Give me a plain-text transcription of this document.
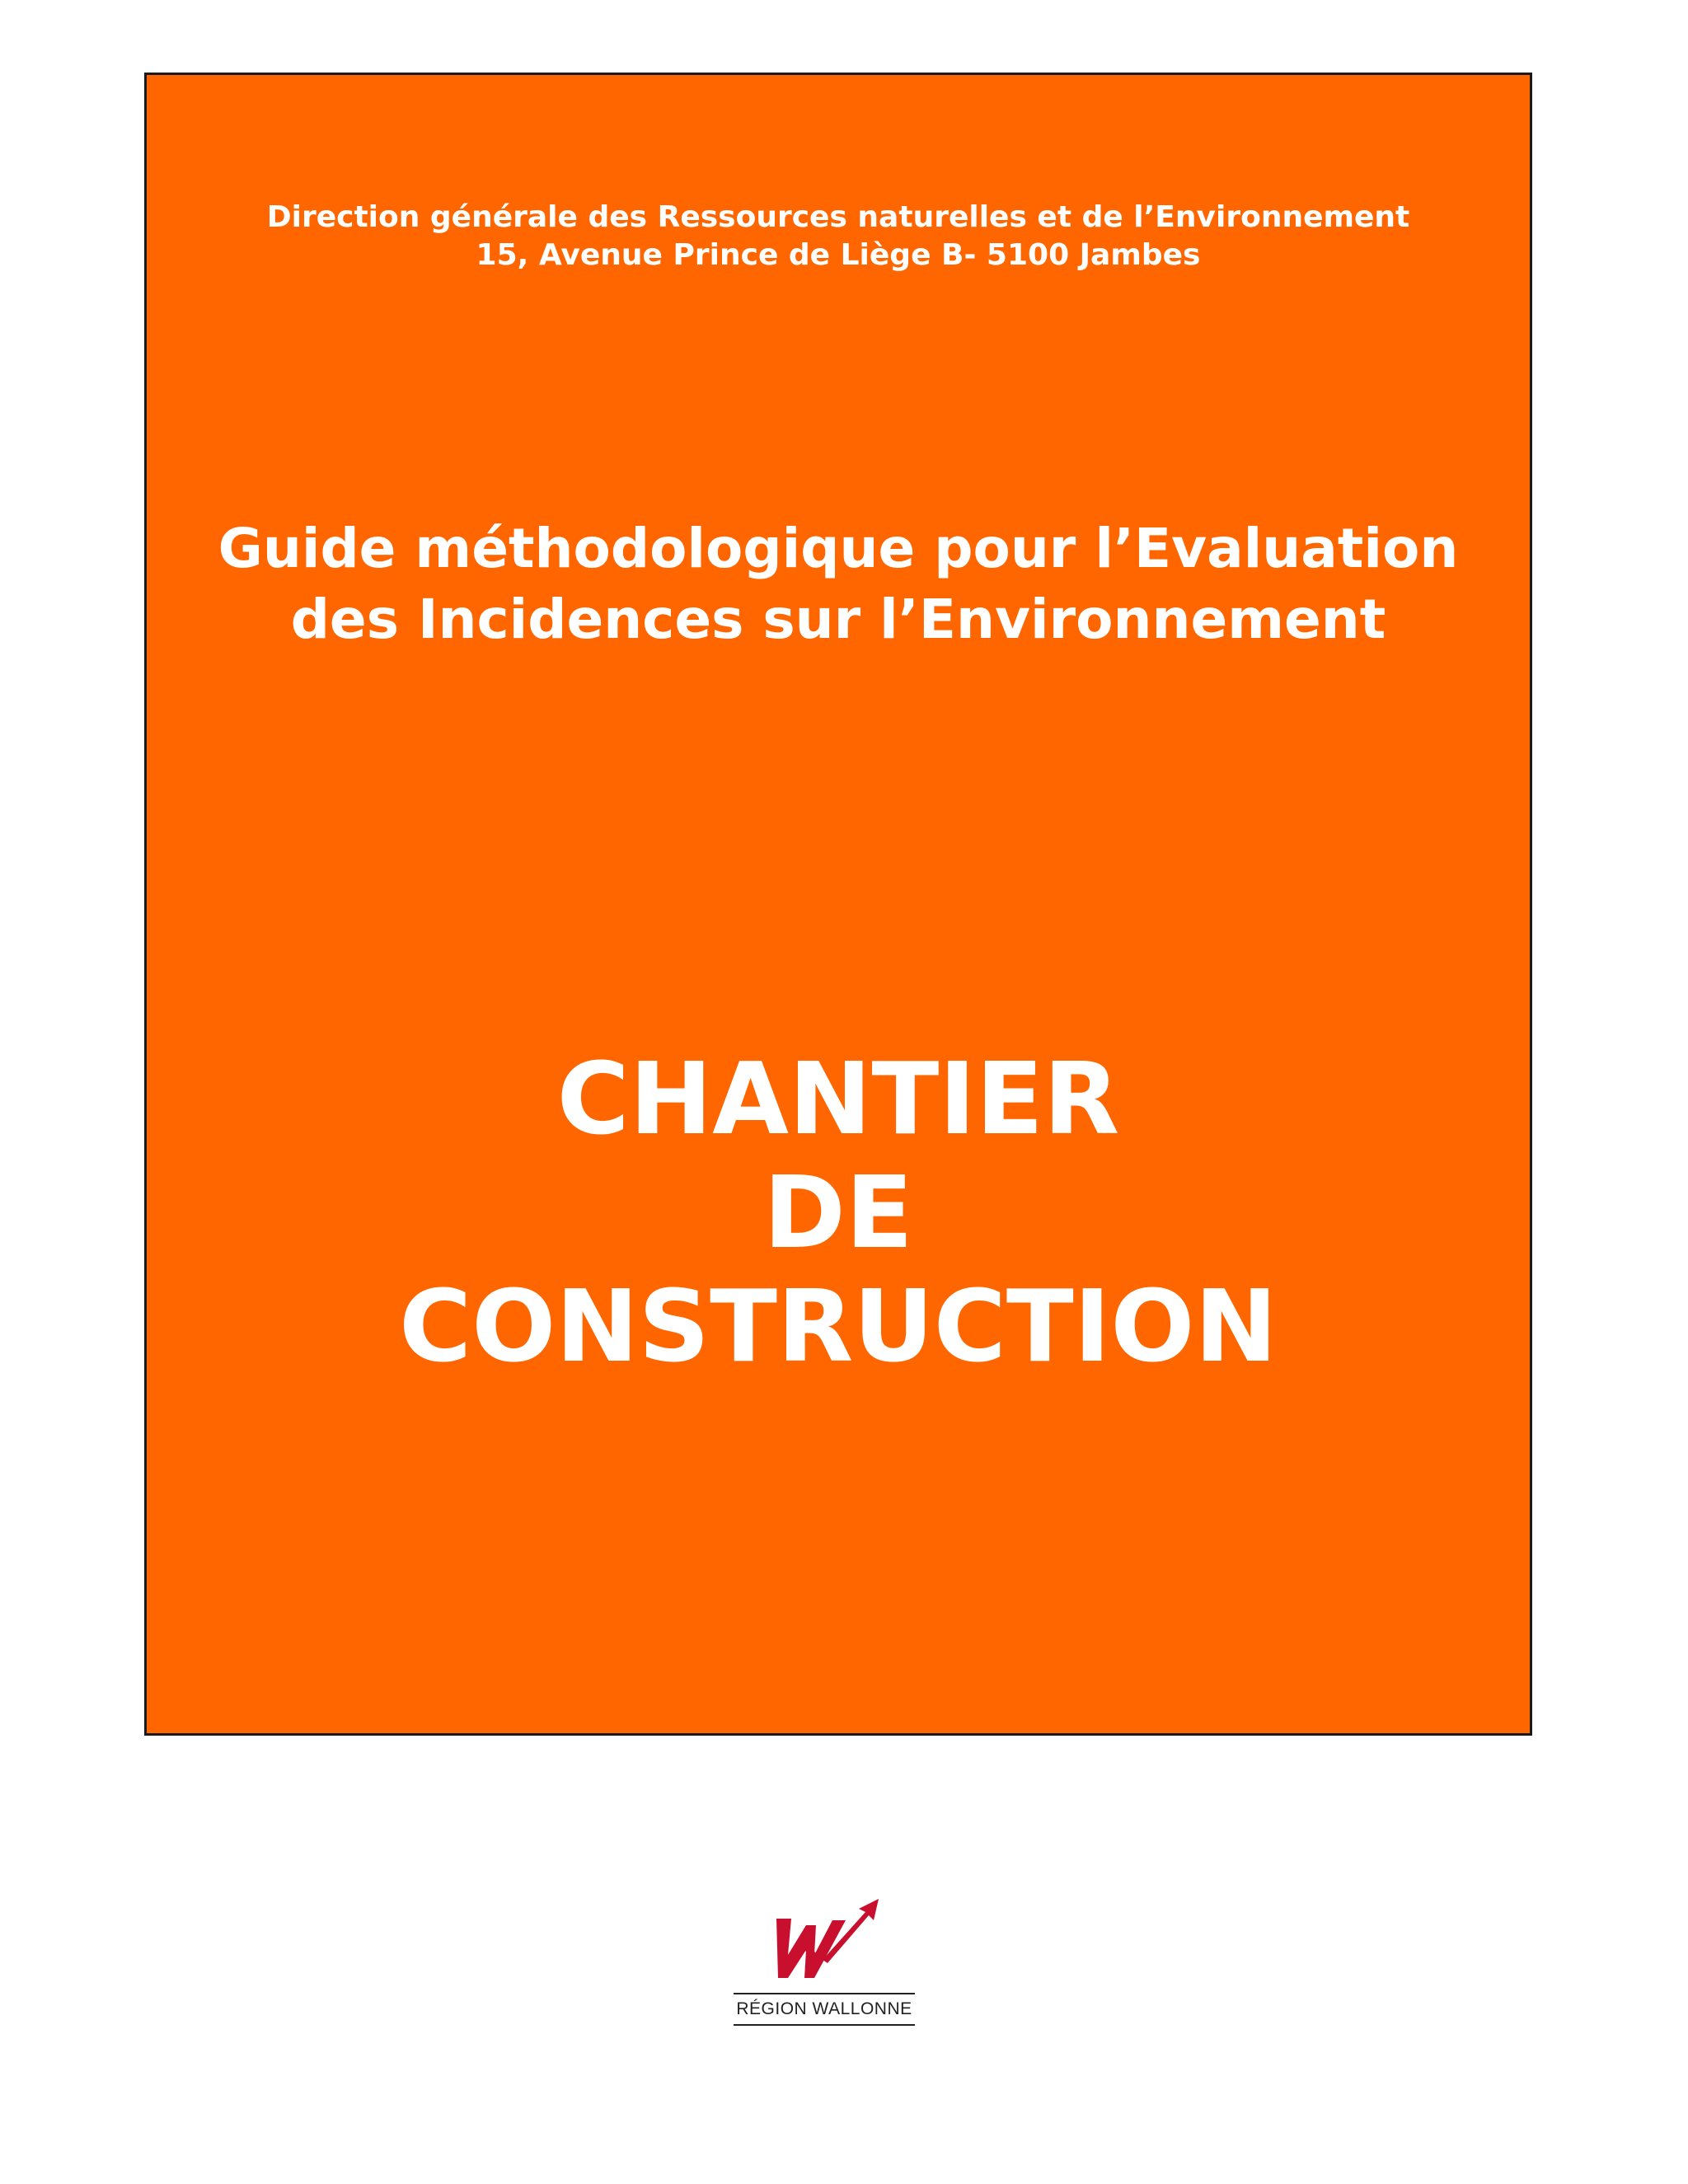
Direction générale des Ressources naturelles et de l’Environnement
15, Avenue Prince de Liège B- 5100 Jambes
Guide méthodologique pour l’Evaluation
des Incidences sur l’Environnement
CHANTIER
DE
CONSTRUCTION
RÉGION WALLONNE
